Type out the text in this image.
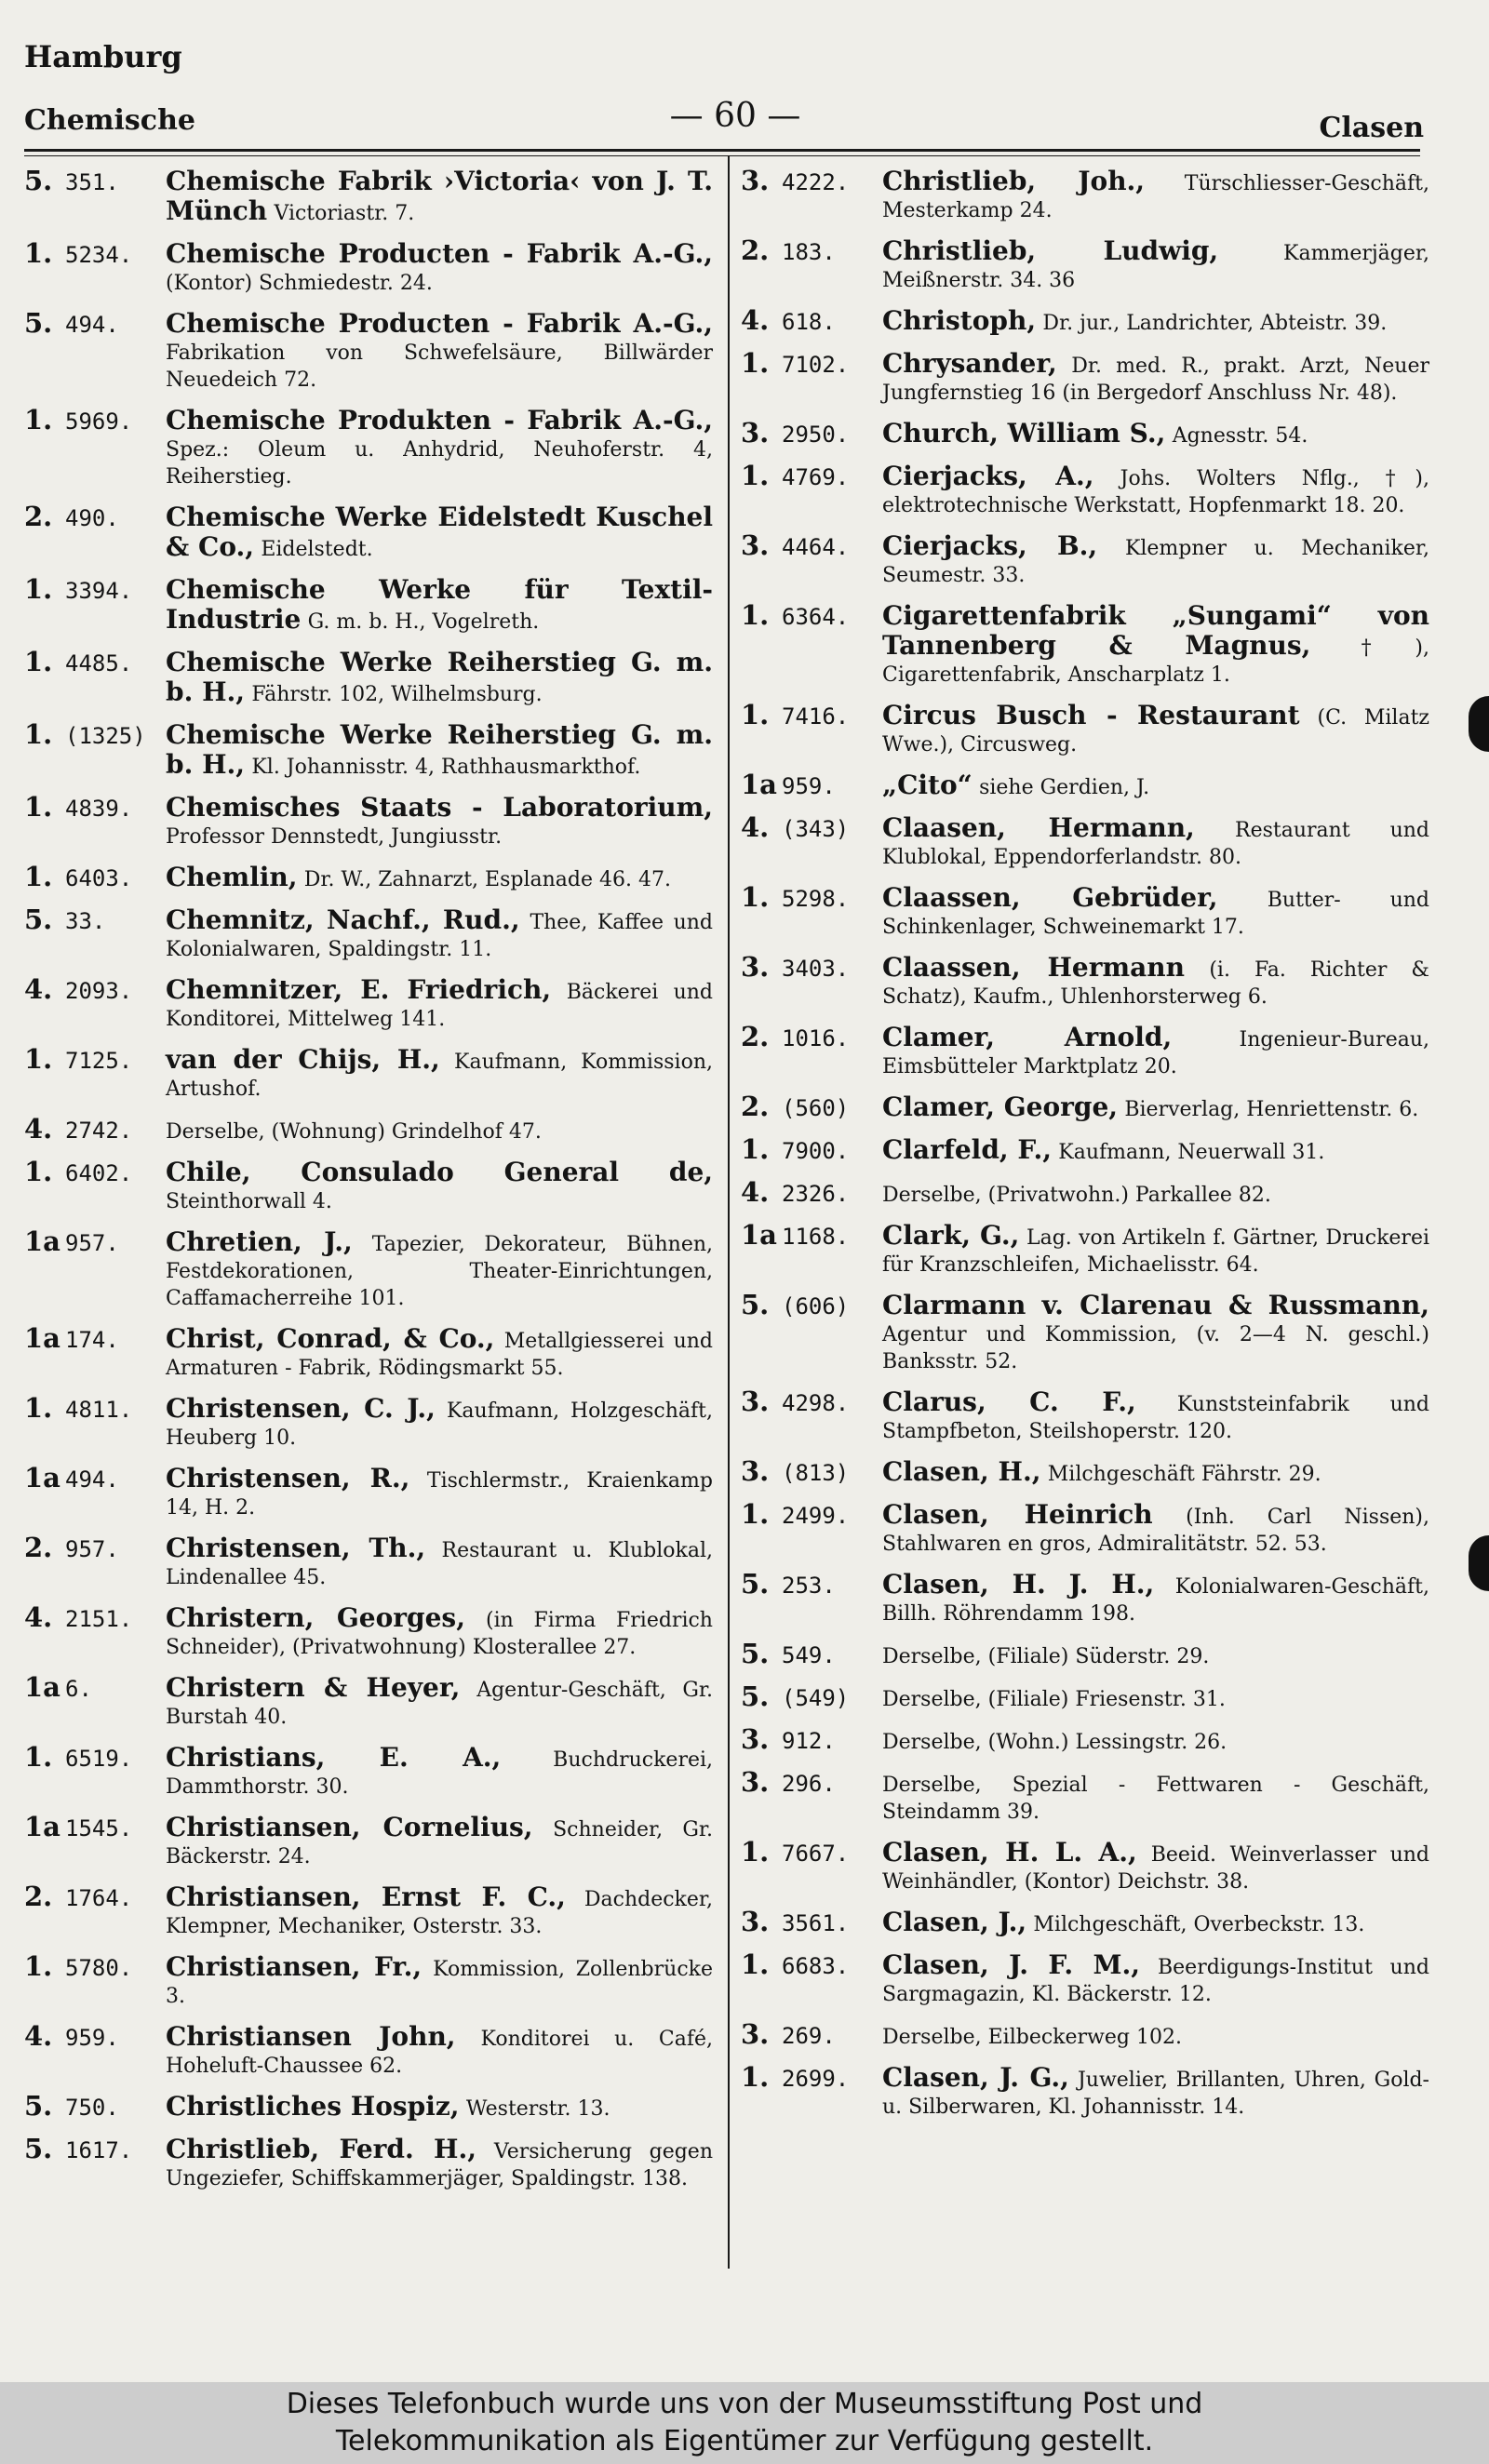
Hamburg
Chemische	— 60 —	Clasen
5. 351.	Chemische Fabrik ›Victoria‹ von J. T. Münch Victoriastr. 7.
1. 5234.	Chemische Producten - Fabrik A.-G., (Kontor) Schmiedestr. 24.
5. 494.	Chemische Producten - Fabrik A.-G., Fabrikation von Schwefelsäure, Billwärder Neuedeich 72.
1. 5969.	Chemische Produkten - Fabrik A.-G., Spez.: Oleum u. Anhydrid, Neuhoferstr. 4, Reiherstieg.
2. 490.	Chemische Werke Eidelstedt Kuschel & Co., Eidelstedt.
1. 3394.	Chemische Werke für Textil-Industrie G. m. b. H., Vogelreth.
1. 4485.	Chemische Werke Reiherstieg G. m. b. H., Fährstr. 102, Wilhelmsburg.
1. (1325) Chemische Werke Reiherstieg G. m. b. H., Kl. Johannisstr. 4, Rathhausmarkthof.
1. 4839.	Chemisches Staats - Laboratorium, Professor Dennstedt, Jungiusstr.
1. 6403.	Chemlin, Dr. W., Zahnarzt, Esplanade 46. 47.
5. 33.	Chemnitz, Nachf., Rud., Thee, Kaffee und Kolonialwaren, Spaldingstr. 11.
4. 2093.	Chemnitzer, E. Friedrich, Bäckerei und Konditorei, Mittelweg 141.
1. 7125.	van der Chijs, H., Kaufmann, Kommission, Artushof.
4. 2742.	Derselbe, (Wohnung) Grindelhof 47.
1. 6402.	Chile, Consulado General de, Steinthorwall 4.
1a 957.	Chretien, J., Tapezier, Dekorateur, Bühnen, Festdekorationen, Theater-Einrichtungen, Caffamacherreihe 101.
1a 174.	Christ, Conrad, & Co., Metallgiesserei und Armaturen - Fabrik, Rödingsmarkt 55.
1. 4811.	Christensen, C. J., Kaufmann, Holzgeschäft, Heuberg 10.
1a 494.	Christensen, R., Tischlermstr., Kraienkamp 14, H. 2.
2. 957.	Christensen, Th., Restaurant u. Klublokal, Lindenallee 45.
4. 2151.	Christern, Georges, (in Firma Friedrich Schneider), (Privatwohnung) Klosterallee 27.
1a 6.	Christern & Heyer, Agentur-Geschäft, Gr. Burstah 40.
1. 6519.	Christians, E. A.,	Buchdruckerei, Dammthorstr. 30.
1a 1545.	Christiansen, Cornelius, Schneider, Gr. Bäckerstr. 24.
2. 1764.	Christiansen, Ernst F. C., Dachdecker, Klempner, Mechaniker, Osterstr. 33.
1. 5780.	Christiansen, Fr., Kommission, Zollenbrücke 3.
4. 959.	Christiansen John, Konditorei u. Café, Hoheluft-Chaussee 62.
5. 750.	Christliches Hospiz, Westerstr. 13.
5. 1617.	Christlieb, Ferd. H., Versicherung gegen Ungeziefer, Schiffskammerjäger, Spaldingstr. 138.
3. 4222.	Christlieb, Joh., Türschliesser-Geschäft, Mesterkamp 24.
2. 183.	Christlieb, Ludwig,	Kammerjäger, Meißnerstr. 34. 36
4. 618.	Christoph, Dr. jur., Landrichter, Abteistr. 39.
1. 7102.	Chrysander, Dr. med. R., prakt. Arzt, Neuer Jungfernstieg 16 (in Bergedorf Anschluss Nr. 48).
3. 2950.	Church, William S., Agnesstr. 54.
1. 4769.	Cierjacks, A., Johs. Wolters Nflg., †), elektrotechnische Werkstatt, Hopfenmarkt 18. 20.
3. 4464.	Cierjacks, B., Klempner u. Mechaniker, Seumestr. 33.
1. 6364.	Cigarettenfabrik „Sungami“ von Tannenberg & Magnus, †), Cigarettenfabrik, Anscharplatz 1.
1. 7416.	Circus Busch - Restaurant (C. Milatz Wwe.), Circusweg.
1a 959.	„Cito“ siehe Gerdien, J.
4. (343)	Claasen, Hermann, Restaurant und Klublokal, Eppendorferlandstr. 80.
1. 5298.	Claassen, Gebrüder, Butter- und Schinkenlager, Schweinemarkt 17.
3. 3403.	Claassen, Hermann (i. Fa. Richter & Schatz), Kaufm., Uhlenhorsterweg 6.
2. 1016.	Clamer, Arnold,	Ingenieur-Bureau, Eimsbütteler Marktplatz 20.
2. (560)	Clamer, George, Bierverlag, Henriettenstr. 6.
1. 7900.	Clarfeld, F., Kaufmann, Neuerwall 31.
4. 2326.	Derselbe, (Privatwohn.) Parkallee 82.
1a 1168.	Clark, G., Lag. von Artikeln f. Gärtner, Druckerei für Kranzschleifen, Michaelisstr. 64.
5. (606)	Clarmann v. Clarenau & Russmann, Agentur und Kommission, (v. 2—4 N. geschl.) Banksstr. 52.
3. 4298.	Clarus, C. F., Kunststeinfabrik und Stampfbeton, Steilshoperstr. 120.
3. (813)	Clasen, H., Milchgeschäft Fährstr. 29.
1. 2499.	Clasen, Heinrich (Inh. Carl Nissen), Stahlwaren en gros, Admiralitätstr. 52. 53.
5. 253.	Clasen, H. J. H., Kolonialwaren-Geschäft, Billh. Röhrendamm 198.
5. 549.	Derselbe, (Filiale) Süderstr. 29.
5. (549)	Derselbe, (Filiale) Friesenstr. 31.
3. 912.	Derselbe, (Wohn.) Lessingstr. 26.
3. 296.	Derselbe, Spezial - Fettwaren - Geschäft, Steindamm 39.
1. 7667.	Clasen, H. L. A., Beeid. Weinverlasser und Weinhändler, (Kontor) Deichstr. 38.
3. 3561.	Clasen, J., Milchgeschäft, Overbeckstr. 13.
1. 6683.	Clasen, J. F. M., Beerdigungs-Institut und Sargmagazin, Kl. Bäckerstr. 12.
3. 269.	Derselbe, Eilbeckerweg 102.
1. 2699.	Clasen, J. G., Juwelier, Brillanten, Uhren, Gold- u. Silberwaren, Kl. Johannisstr. 14.
Dieses Telefonbuch wurde uns von der Museumsstiftung Post und
Telekommunikation als Eigentümer zur Verfügung gestellt.
